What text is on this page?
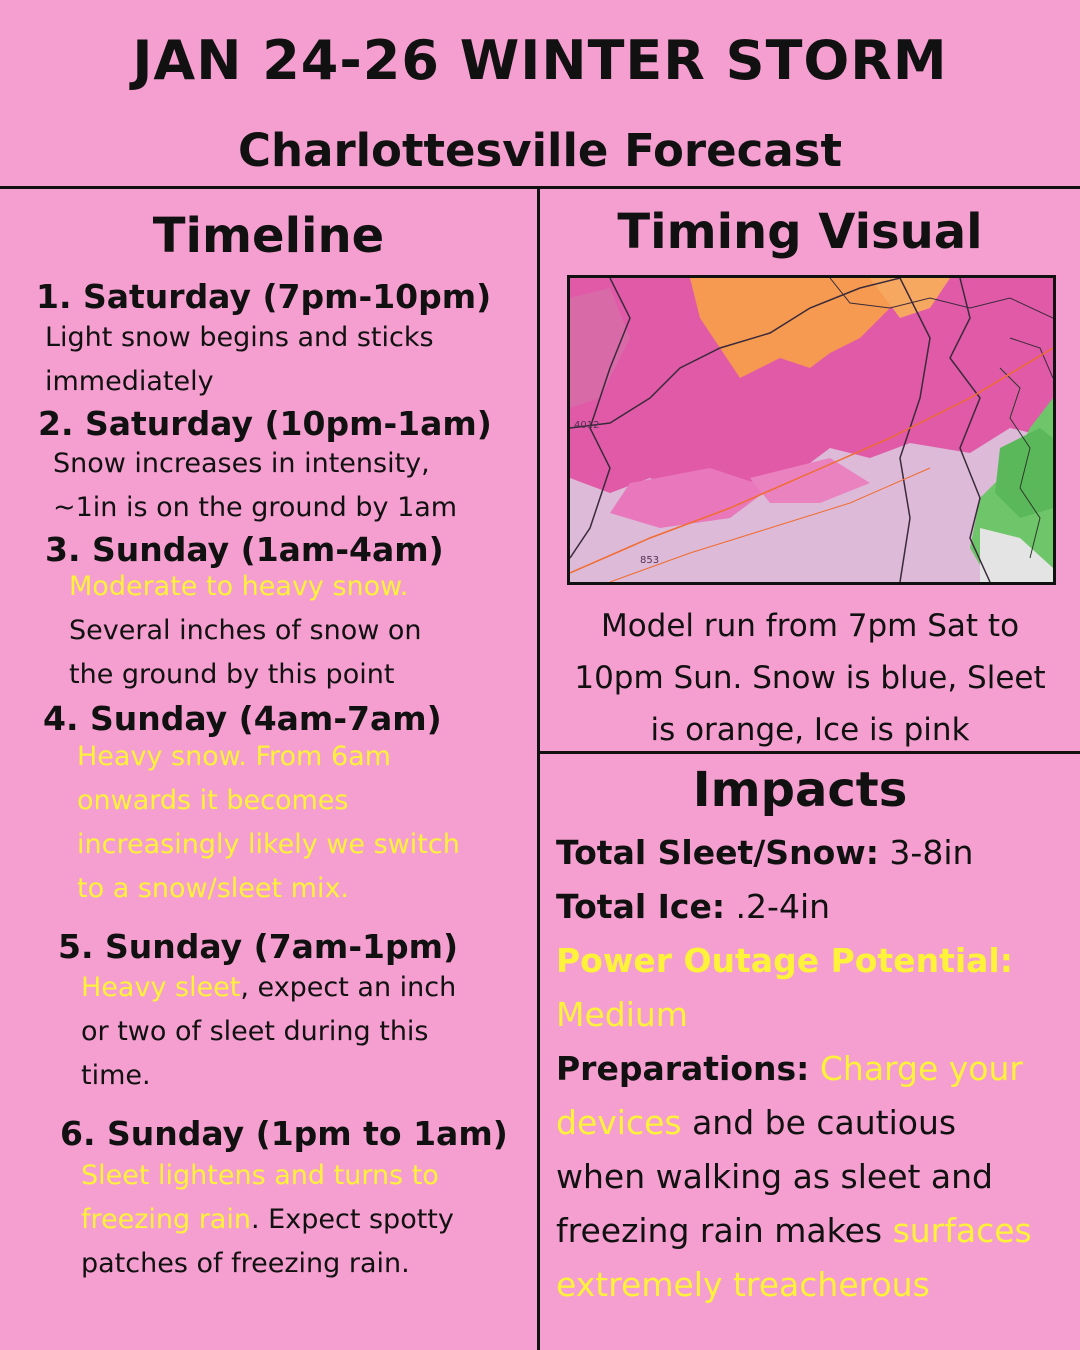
JAN 24-26 WINTER STORM
Charlottesville Forecast
Timeline
1. Saturday (7pm-10pm)
Light snow begins and sticks
immediately
2. Saturday (10pm-1am)
Snow increases in intensity,
~1in is on the ground by 1am
3. Sunday (1am-4am)
Moderate to heavy snow.
Several inches of snow on
the ground by this point
4. Sunday (4am-7am)
Heavy snow. From 6am
onwards it becomes
increasingly likely we switch
to a snow/sleet mix.
5. Sunday (7am-1pm)
Heavy sleet, expect an inch
or two of sleet during this
time.
6. Sunday (1pm to 1am)
Sleet lightens and turns to
freezing rain. Expect spotty
patches of freezing rain.
Timing Visual
4012
853
Model run from 7pm Sat to
10pm Sun. Snow is blue, Sleet
is orange, Ice is pink
Impacts
Total Sleet/Snow: 3-8in
Total Ice: .2-4in
Power Outage Potential:
Medium
Preparations: Charge your
devices and be cautious
when walking as sleet and
freezing rain makes surfaces
extremely treacherous
